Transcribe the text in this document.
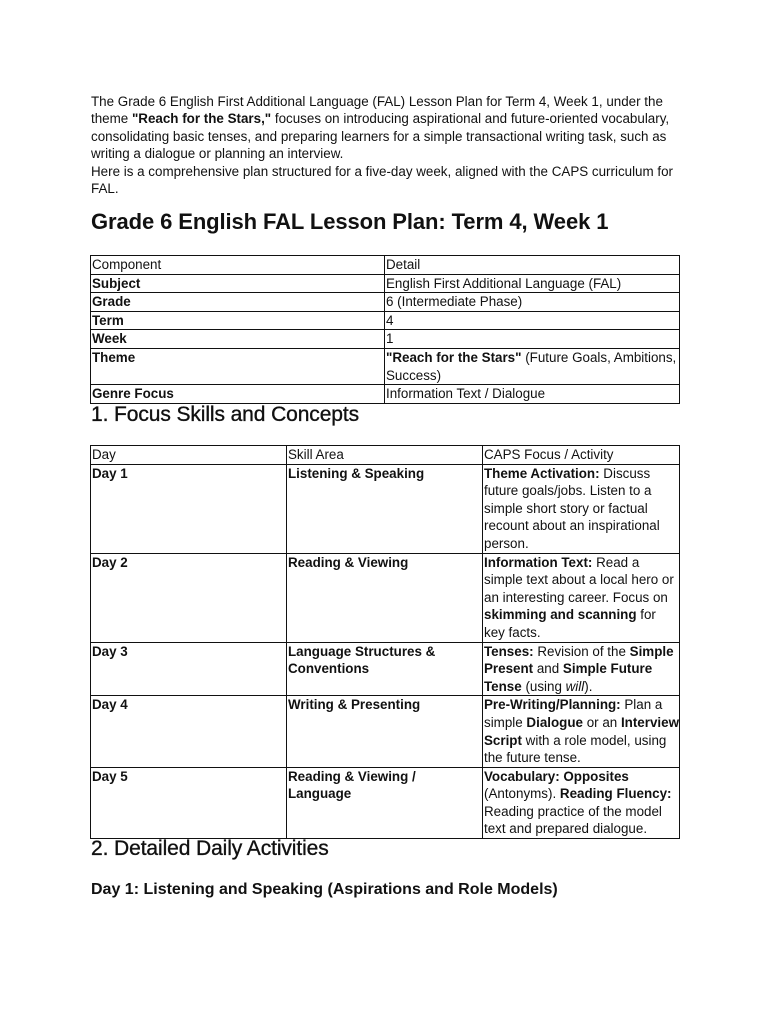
The Grade 6 English First Additional Language (FAL) Lesson Plan for Term 4, Week 1, under the theme "Reach for the Stars," focuses on introducing aspirational and future-oriented vocabulary, consolidating basic tenses, and preparing learners for a simple transactional writing task, such as writing a dialogue or planning an interview.

Here is a comprehensive plan structured for a five-day week, aligned with the CAPS curriculum for FAL.

Grade 6 English FAL Lesson Plan: Term 4, Week 1
Component	Detail
Subject	English First Additional Language (FAL)
Grade	6 (Intermediate Phase)
Term	4
Week	1
Theme	"Reach for the Stars" (Future Goals, Ambitions, Success)
Genre Focus	Information Text / Dialogue
1. Focus Skills and Concepts
Day	Skill Area	CAPS Focus / Activity
Day 1	Listening & Speaking	Theme Activation: Discuss future goals/jobs. Listen to a simple short story or factual recount about an inspirational person.
Day 2	Reading & Viewing	Information Text: Read a simple text about a local hero or an interesting career. Focus on skimming and scanning for key facts.
Day 3	Language Structures & Conventions	Tenses: Revision of the Simple Present and Simple Future Tense (using will).
Day 4	Writing & Presenting	Pre-Writing/Planning: Plan a simple Dialogue or an Interview Script with a role model, using the future tense.
Day 5	Reading & Viewing / Language	Vocabulary: Opposites (Antonyms). Reading Fluency: Reading practice of the model text and prepared dialogue.
2. Detailed Daily Activities
Day 1: Listening and Speaking (Aspirations and Role Models)
